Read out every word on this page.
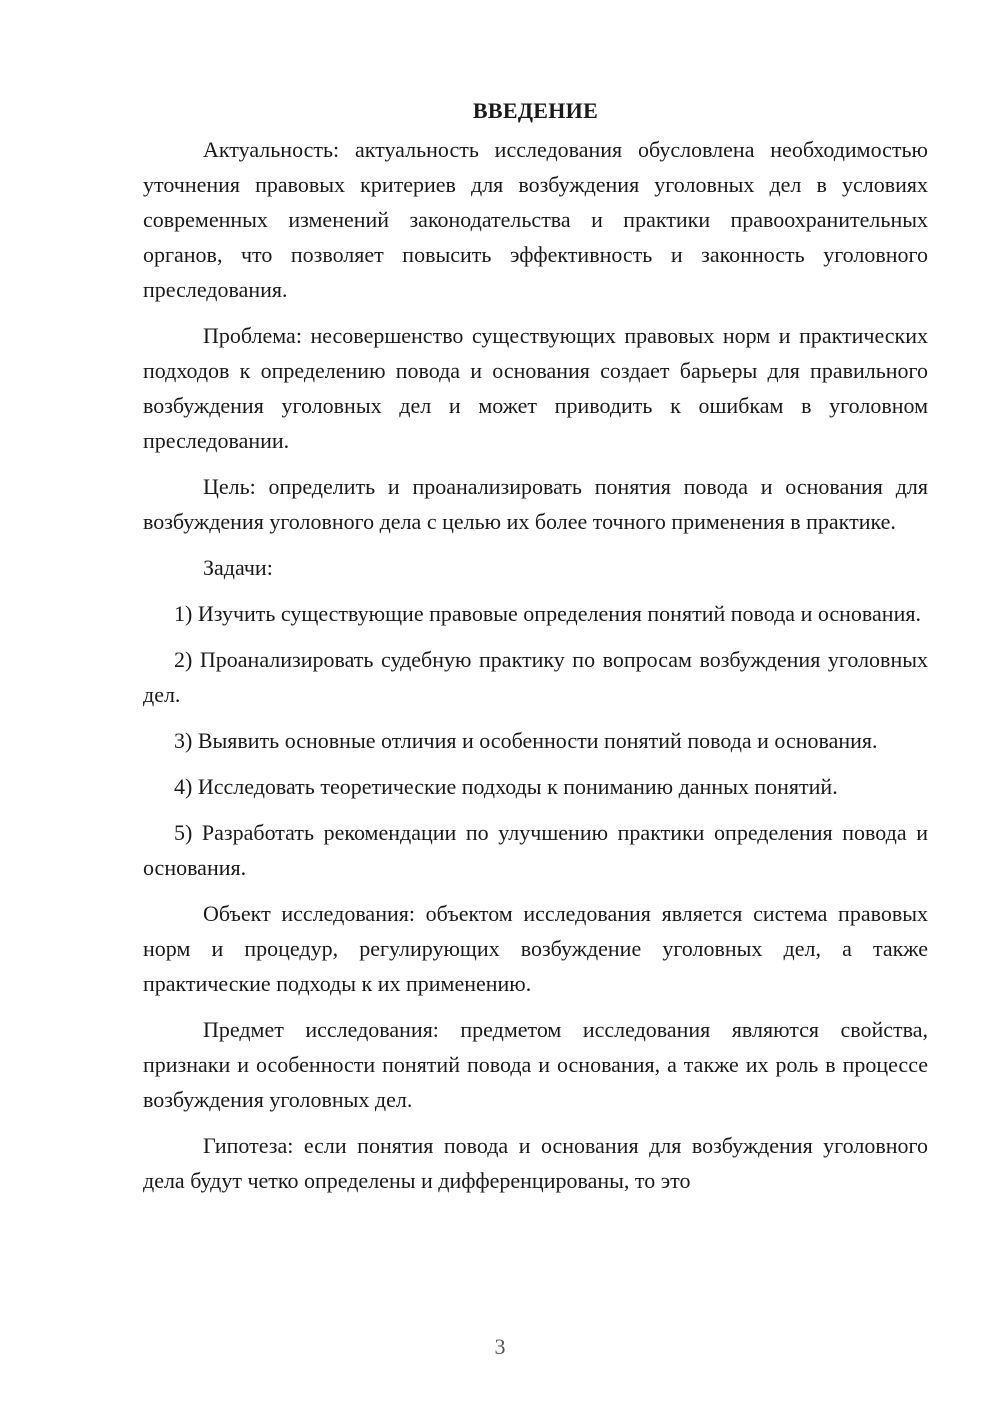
ВВЕДЕНИЕ

Актуальность: актуальность исследования обусловлена необходимостью уточнения правовых критериев для возбуждения уголовных дел в условиях современных изменений законодательства и практики правоохранительных органов, что позволяет повысить эффективность и законность уголовного преследования.

Проблема: несовершенство существующих правовых норм и практических подходов к определению повода и основания создает барьеры для правильного возбуждения уголовных дел и может приводить к ошибкам в уголовном преследовании.

Цель: определить и проанализировать понятия повода и основания для возбуждения уголовного дела с целью их более точного применения в практике.

Задачи:

1) Изучить существующие правовые определения понятий повода и основания.

2) Проанализировать судебную практику по вопросам возбуждения уголовных дел.

3) Выявить основные отличия и особенности понятий повода и основания.

4) Исследовать теоретические подходы к пониманию данных понятий.

5) Разработать рекомендации по улучшению практики определения повода и основания.

Объект исследования: объектом исследования является система правовых норм и процедур, регулирующих возбуждение уголовных дел, а также практические подходы к их применению.

Предмет исследования: предметом исследования являются свойства, признаки и особенности понятий повода и основания, а также их роль в процессе возбуждения уголовных дел.

Гипотеза: если понятия повода и основания для возбуждения уголовного дела будут четко определены и дифференцированы, то это

3
